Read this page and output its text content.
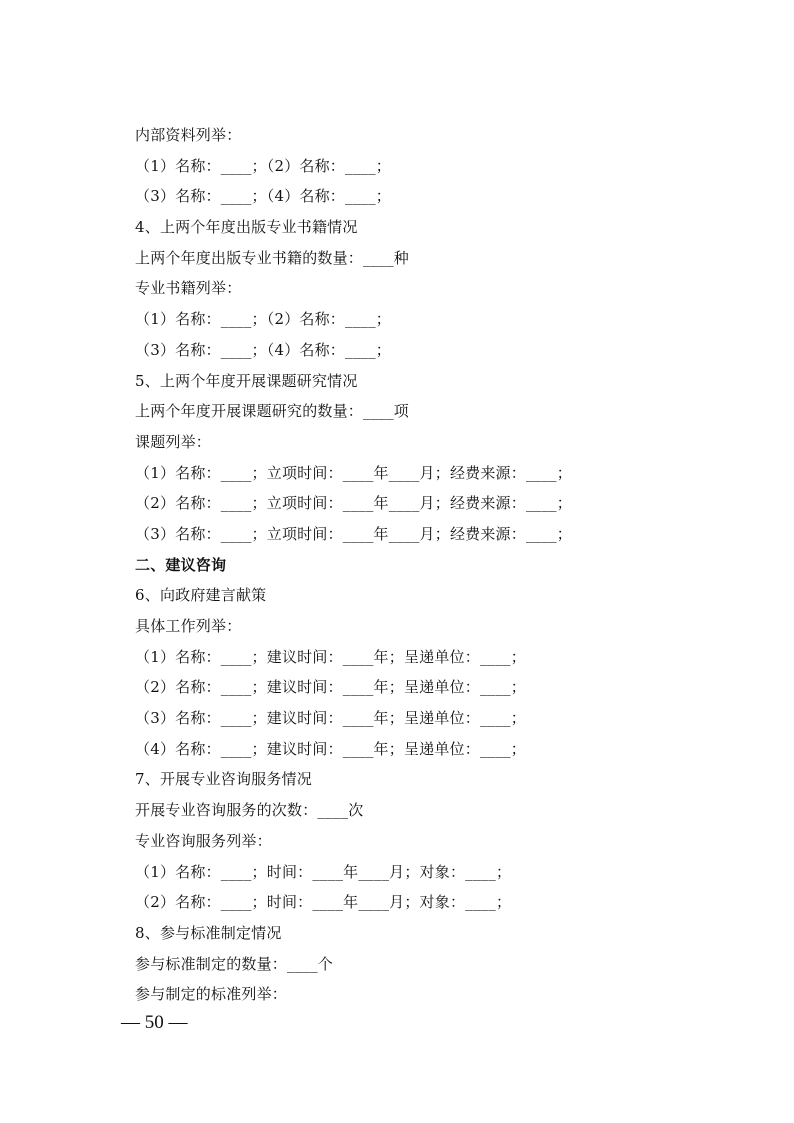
内部资料列举：
（1）名称：____；（2）名称：____；
（3）名称：____；（4）名称：____；
4、上两个年度出版专业书籍情况
上两个年度出版专业书籍的数量：____种
专业书籍列举：
（1）名称：____；（2）名称：____；
（3）名称：____；（4）名称：____；
5、上两个年度开展课题研究情况
上两个年度开展课题研究的数量：____项
课题列举：
（1）名称：____；立项时间：____年____月；经费来源：____；
（2）名称：____；立项时间：____年____月；经费来源：____；
（3）名称：____；立项时间：____年____月；经费来源：____；
二、建议咨询
6、向政府建言献策
具体工作列举：
（1）名称：____；建议时间：____年；呈递单位：____；
（2）名称：____；建议时间：____年；呈递单位：____；
（3）名称：____；建议时间：____年；呈递单位：____；
（4）名称：____；建议时间：____年；呈递单位：____；
7、开展专业咨询服务情况
开展专业咨询服务的次数：____次
专业咨询服务列举：
（1）名称：____；时间：____年____月；对象：____；
（2）名称：____；时间：____年____月；对象：____；
8、参与标准制定情况
参与标准制定的数量：____个
参与制定的标准列举：
— 50 —
